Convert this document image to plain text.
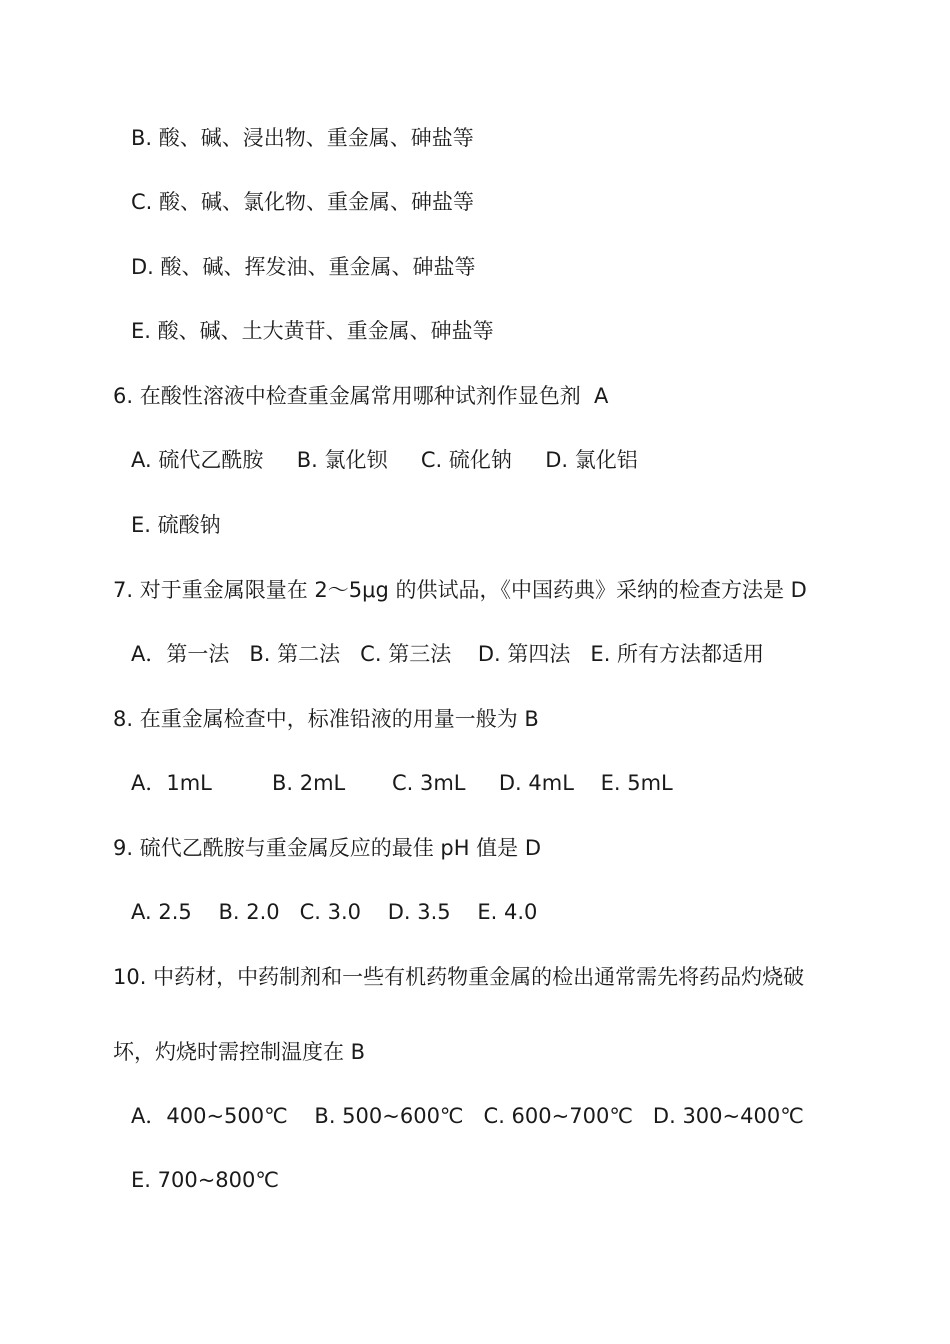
B. 酸、碱、浸出物、重金属、砷盐等
C. 酸、碱、氯化物、重金属、砷盐等
D. 酸、碱、挥发油、重金属、砷盐等
E. 酸、碱、土大黄苷、重金属、砷盐等
6. 在酸性溶液中检查重金属常用哪种试剂作显色剂  A
A. 硫代乙酰胺     B. 氯化钡     C. 硫化钠     D. 氯化铝
E. 硫酸钠
7. 对于重金属限量在 2～5μg 的供试品，《中国药典》采纳的检查方法是 D
A．第一法   B. 第二法   C. 第三法    D. 第四法   E. 所有方法都适用
8. 在重金属检查中，标准铅液的用量一般为 B
A．1mL         B. 2mL       C. 3mL     D. 4mL    E. 5mL
9. 硫代乙酰胺与重金属反应的最佳 pH 值是 D
A. 2.5    B. 2.0   C. 3.0    D. 3.5    E. 4.0
10. 中药材，中药制剂和一些有机药物重金属的检出通常需先将药品灼烧破
坏，灼烧时需控制温度在 B
A．400~500℃    B. 500~600℃   C. 600~700℃   D. 300~400℃
E. 700~800℃
